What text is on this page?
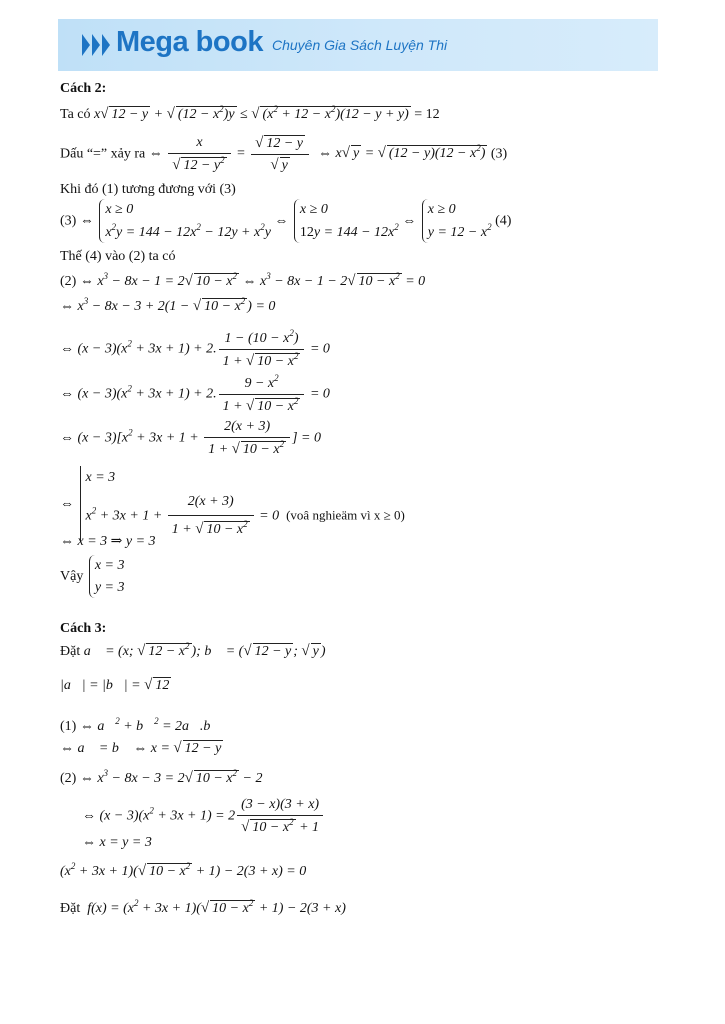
Mega book Chuyên Gia Sách Luyện Thi
Cách 2:
Ta có x√ 12 − y + √ $(12 - x^2)y$ ≤ √ $(x^2 + 12 - x^2)(12 - y + y) = 12$
Dấu “=” xảy ra ⇔ $\frac{x}{√ 12 - y^2} = \frac{√ 12 - y}{√ y}$ ⇔ x√ y = √ $(12 - y)(12 - x^2)$ (3)
Khi đó (1) tương đương với (3)
(3) ⇔
x ≥ 0
$x^2y = 144 - 12x^2 - 12y + x^2y$
⇔
x ≥ 0
$12y = 144 - 12x^2$ ⇔
x ≥ 0
$y = 12 - x^2$ (4)
Thế (4) vào (2) ta có
(2) ⇔ $x^3 - 8x - 1 = 2√$ $10 - x^2$ ⇔ $x^3 - 8x - 1 - 2√$ $10 - x^2 = 0$
⇔ $x^3 - 8x - 3 + 2(1$ − √ $10 - x^2$ ) = 0
⇔ $(x - 3)(x^2 + 3x + 1) + 2$. $\frac{1 - (10 - x^2)}{1 + √ 10 - x^2} = 0$
⇔ $(x - 3)(x^2 + 3x + 1) + 2$. $\frac{9 - x^2}{1 + √ 10 - x^2} = 0$
⇔ $(x - 3)[x^2 + 3x + 1 + \frac{2(x + 3)}{1 + √ 10 - x^2}$ ] = 0
⇔
x = 3
$x^2 + 3x + 1 + \frac{2(x + 3)}{1 + √ 10 - x^2} = 0$  (voâ nghieäm vì x ≥ 0)
⇔ x = 3 ⇒ y = 3
Vậy
x = 3
y = 3
Cách 3:
Đặt a⃗ = (x; √ $12 - x^2$ ); b⃗ = (√ 12 − y ; √ y )
|a⃗| = |b⃗| = √ 12
(1) ⇔ a⃗$^2$ + b⃗$^2$ = 2a⃗.b⃗
⇔ a⃗ = b⃗ ⇔ x = √ 12 − y
(2) ⇔ $x^3 - 8x - 3 = 2√$ $10 - x^2 - 2$
⇔ $(x - 3)(x^2 + 3x + 1) = 2 \frac{(3 - x)(3 + x)}{√ 10 - x^2 + 1}$
⇔ x = y = 3
$(x^2 + 3x + 1)(√$ $10 - x^2 + 1) - 2(3 + x) = 0$
Đặt  $f(x) = (x^2 + 3x + 1)(√$ $10 - x^2 + 1) - 2(3 + x)$
